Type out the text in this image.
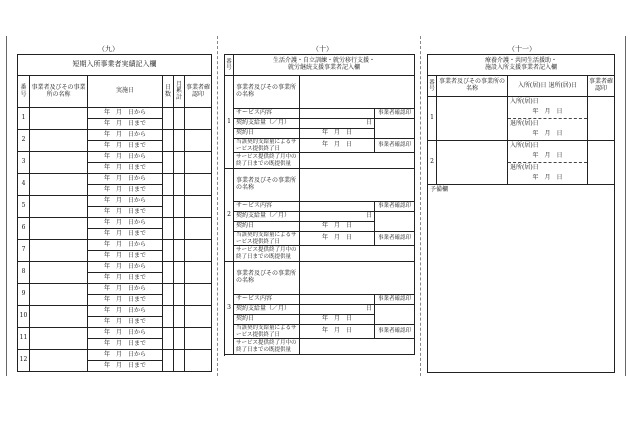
（九）
短期入所事業者実績記入欄					
番号	事業者及びその事業所の名称	実施日	日数	月累計	事業者確認印
1		年　月　日から			
		年　月　日まで			
2		年　月　日から			
		年　月　日まで			
3		年　月　日から			
		年　月　日まで			
4		年　月　日から			
		年　月　日まで			
5		年　月　日から			
		年　月　日まで			
6		年　月　日から			
		年　月　日まで			
7		年　月　日から			
		年　月　日まで			
8		年　月　日から			
		年　月　日まで			
9		年　月　日から			
		年　月　日まで			
10		年　月　日から			
		年　月　日まで			
11		年　月　日から			
		年　月　日まで			
12		年　月　日から			
		年　月　日まで			
（十）
番号	生活介護・自立訓練・就労移行支援・
就労継続支援事業者記入欄		

1	事業者及びその事業所の名称		
	サービス内容		事業者確認印
	契約支給量（／月）	日	
	契約日	年　月　日	
	当該契約支給量によるサービス提供終了日	年　月　日	事業者確認印
	サービス提供終了月中の終了日までの既提供量		

2	事業者及びその事業所の名称		
	サービス内容		事業者確認印
	契約支給量（／月）	日	
	契約日	年　月　日	
	当該契約支給量によるサービス提供終了日	年　月　日	事業者確認印
	サービス提供終了月中の終了日までの既提供量		

3	事業者及びその事業所の名称		
	サービス内容		事業者確認印
	契約支給量（／月）	日	
	契約日	年　月　日	
	当該契約支給量によるサービス提供終了日	年　月　日	事業者確認印
	サービス提供終了月中の終了日までの既提供量		

（十一）
療養介護・共同生活援助・
施設入所支援事業者記入欄			

番号	事業者及びその事業所の名称	入所(居)日 退所(居)日	事業者確認印
1		入所(居)日	
		年　月　日	
		退所(居)日	
		年　月　日	
2		入所(居)日	
		年　月　日	
		退所(居)日	
		年　月　日	
予備欄			
